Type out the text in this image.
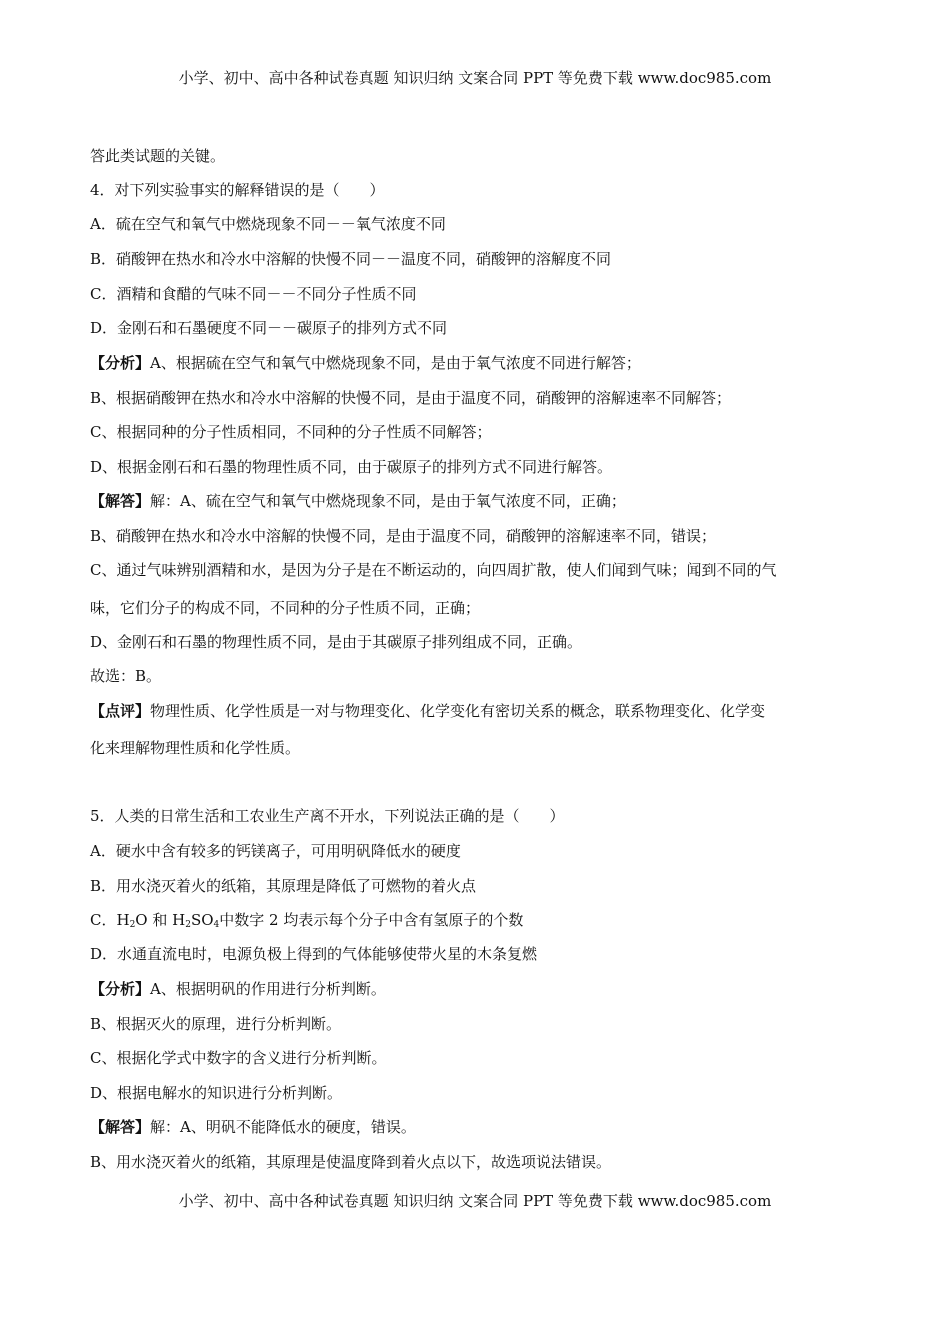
小学、初中、高中各种试卷真题 知识归纳 文案合同 PPT 等免费下载 www.doc985.com
答此类试题的关键。
4．对下列实验事实的解释错误的是（　　）
A．硫在空气和氧气中燃烧现象不同－－氧气浓度不同
B．硝酸钾在热水和冷水中溶解的快慢不同－－温度不同，硝酸钾的溶解度不同
C．酒精和食醋的气味不同－－不同分子性质不同
D．金刚石和石墨硬度不同－－碳原子的排列方式不同
【分析】A、根据硫在空气和氧气中燃烧现象不同，是由于氧气浓度不同进行解答；
B、根据硝酸钾在热水和冷水中溶解的快慢不同，是由于温度不同，硝酸钾的溶解速率不同解答；
C、根据同种的分子性质相同，不同种的分子性质不同解答；
D、根据金刚石和石墨的物理性质不同，由于碳原子的排列方式不同进行解答。
【解答】解：A、硫在空气和氧气中燃烧现象不同，是由于氧气浓度不同，正确；
B、硝酸钾在热水和冷水中溶解的快慢不同，是由于温度不同，硝酸钾的溶解速率不同，错误；
C、通过气味辨别酒精和水，是因为分子是在不断运动的，向四周扩散，使人们闻到气味；闻到不同的气
味，它们分子的构成不同，不同种的分子性质不同，正确；
D、金刚石和石墨的物理性质不同，是由于其碳原子排列组成不同，正确。
故选：B。
【点评】物理性质、化学性质是一对与物理变化、化学变化有密切关系的概念，联系物理变化、化学变
化来理解物理性质和化学性质。
5．人类的日常生活和工农业生产离不开水，下列说法正确的是（　　）
A．硬水中含有较多的钙镁离子，可用明矾降低水的硬度
B．用水浇灭着火的纸箱，其原理是降低了可燃物的着火点
C．$H_2O$ 和 $H_2SO_4$中数字 2 均表示每个分子中含有氢原子的个数
D．水通直流电时，电源负极上得到的气体能够使带火星的木条复燃
【分析】A、根据明矾的作用进行分析判断。
B、根据灭火的原理，进行分析判断。
C、根据化学式中数字的含义进行分析判断。
D、根据电解水的知识进行分析判断。
【解答】解：A、明矾不能降低水的硬度，错误。
B、用水浇灭着火的纸箱，其原理是使温度降到着火点以下，故选项说法错误。
小学、初中、高中各种试卷真题 知识归纳 文案合同 PPT 等免费下载 www.doc985.com
